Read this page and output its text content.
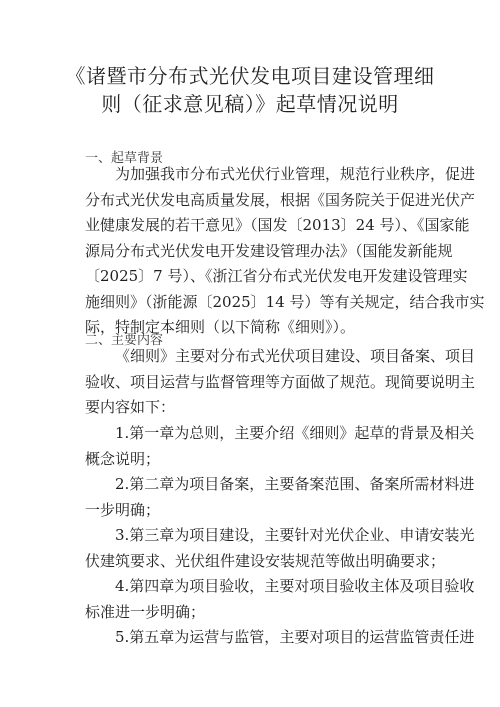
《诸暨市分布式光伏发电项目建设管理细
则（征求意见稿）》起草情况说明
一、起草背景
为加强我市分布式光伏行业管理，规范行业秩序，促进
分布式光伏发电高质量发展，根据《国务院关于促进光伏产
业健康发展的若干意见》（国发〔2013〕24 号）、《国家能
源局分布式光伏发电开发建设管理办法》（国能发新能规
〔2025〕7 号）、《浙江省分布式光伏发电开发建设管理实
施细则》（浙能源〔2025〕14 号）等有关规定，结合我市实
际，特制定本细则（以下简称《细则》）。
二、主要内容
《细则》主要对分布式光伏项目建设、项目备案、项目
验收、项目运营与监督管理等方面做了规范。现简要说明主
要内容如下：
1.第一章为总则，主要介绍《细则》起草的背景及相关
概念说明；
2.第二章为项目备案，主要备案范围、备案所需材料进
一步明确；
3.第三章为项目建设，主要针对光伏企业、申请安装光
伏建筑要求、光伏组件建设安装规范等做出明确要求；
4.第四章为项目验收，主要对项目验收主体及项目验收
标准进一步明确；
5.第五章为运营与监管，主要对项目的运营监管责任进
